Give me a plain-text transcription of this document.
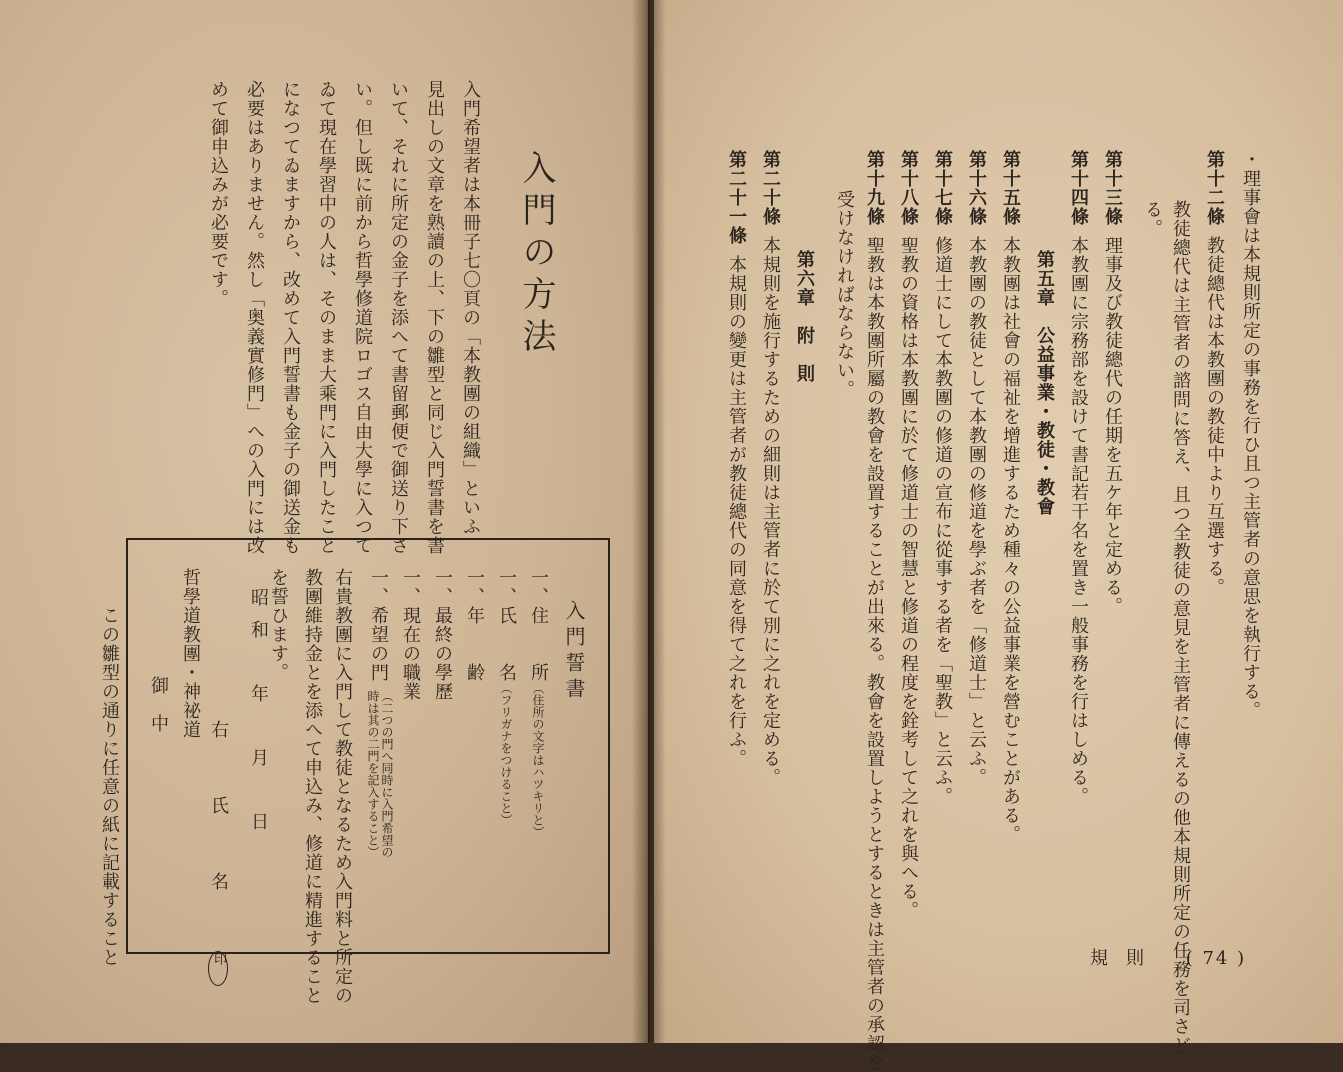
入門の方法
入門希望者は本冊子七〇頁の「本教團の組織」といふ
見出しの文章を熟讀の上、下の雛型と同じ入門誓書を書
いて、それに所定の金子を添へて書留郵便で御送り下さ
い。但し既に前から哲學修道院ロゴス自由大學に入つて
ゐて現在學習中の人は、そのまま大乘門に入門したこと
になつてゐますから、改めて入門誓書も金子の御送金も
必要はありません。然し「奥義實修門」への入門には改
めて御申込みが必要です。
入門誓書
一、住　　所（住所の文字はハツキリと）
一、氏　　名（フリガナをつけること）
一、年　　齢
一、最終の學歷
一、現在の職業
一、希望の門
（二つの門へ同時に入門希望の
時は其の二門を記入すること）
右貴教團に入門して教徒となるため入門料と所定の
教團維持金とを添へて申込み、修道に精進すること
を誓ひます。
昭和　年　月　日
右　氏　名 印
哲學道教團・神祕道
御　中
この雛型の通りに任意の紙に記載すること
・理事會は本規則所定の事務を行ひ且つ主管者の意思を執行する。
第十二條教徒總代は本教團の教徒中より互選する。
教徒總代は主管者の諮問に答え、且つ全教徒の意見を主管者に傳えるの他本規則所定の任務を司さど
る。
第十三條理事及び教徒總代の任期を五ケ年と定める。
第十四條本教團に宗務部を設けて書記若干名を置き一般事務を行はしめる。
第五章　公益事業・教徒・教會
第十五條本教團は社會の福祉を增進するため種々の公益事業を營むことがある。
第十六條本教團の教徒として本教團の修道を學ぶ者を「修道士」と云ふ。
第十七條修道士にして本教團の修道の宣布に從事する者を「聖教」と云ふ。
第十八條聖教の資格は本教團に於て修道士の智慧と修道の程度を銓考して之れを與へる。
第十九條聖教は本教團所屬の教會を設置することが出來る。教會を設置しようとするときは主管者の承認を
受けなければならない。
第六章　附　則
第二十條本規則を施行するための細則は主管者に於て別に之れを定める。
第二十一條本規則の變更は主管者が教徒總代の同意を得て之れを行ふ。
規則 ( 74 )
